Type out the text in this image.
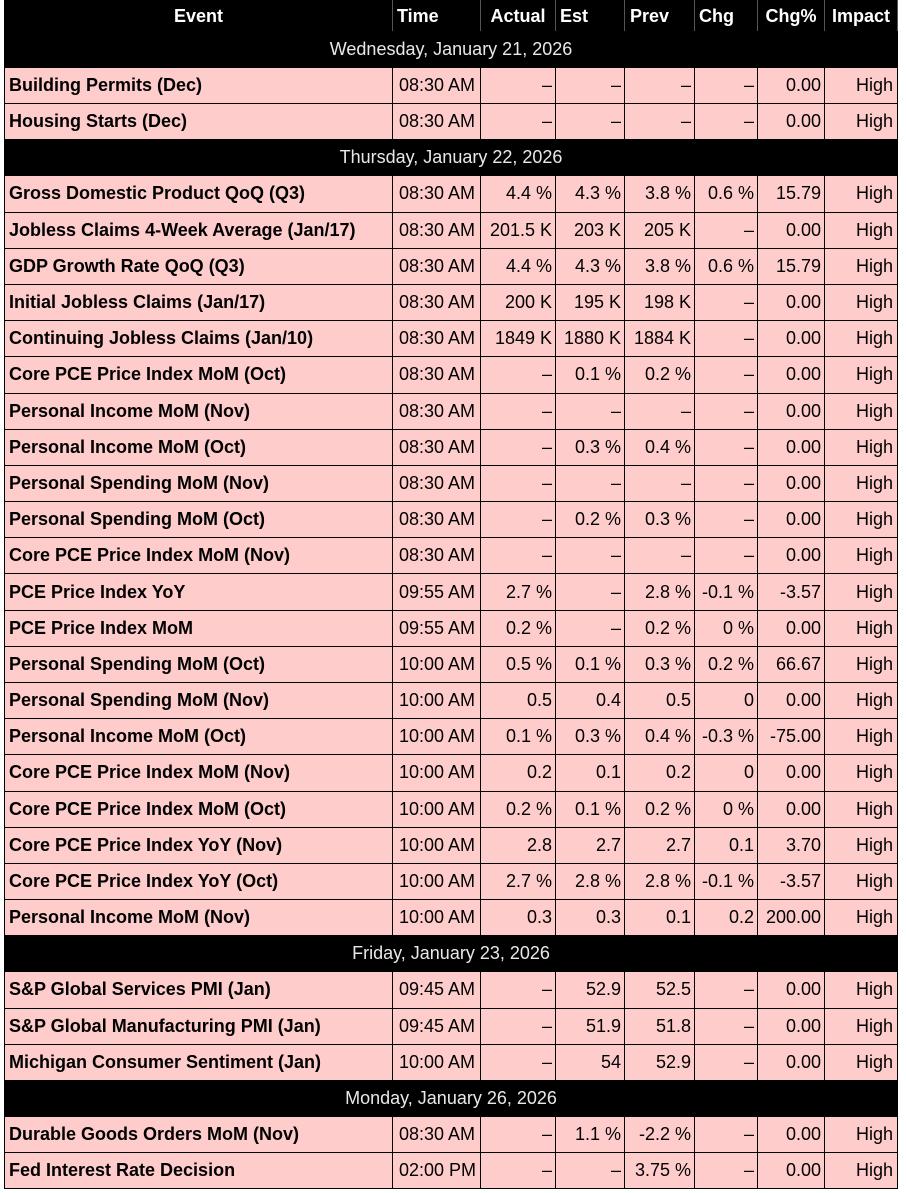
Event	Time	Actual	Est	Prev	Chg	Chg%	Impact
Wednesday, January 21, 2026							
Building Permits (Dec)	08:30 AM	–	–	–	–	0.00	High
Housing Starts (Dec)	08:30 AM	–	–	–	–	0.00	High
Thursday, January 22, 2026							
Gross Domestic Product QoQ (Q3)	08:30 AM	4.4 %	4.3 %	3.8 %	0.6 %	15.79	High
Jobless Claims 4-Week Average (Jan/17)	08:30 AM	201.5 K	203 K	205 K	–	0.00	High
GDP Growth Rate QoQ (Q3)	08:30 AM	4.4 %	4.3 %	3.8 %	0.6 %	15.79	High
Initial Jobless Claims (Jan/17)	08:30 AM	200 K	195 K	198 K	–	0.00	High
Continuing Jobless Claims (Jan/10)	08:30 AM	1849 K	1880 K	1884 K	–	0.00	High
Core PCE Price Index MoM (Oct)	08:30 AM	–	0.1 %	0.2 %	–	0.00	High
Personal Income MoM (Nov)	08:30 AM	–	–	–	–	0.00	High
Personal Income MoM (Oct)	08:30 AM	–	0.3 %	0.4 %	–	0.00	High
Personal Spending MoM (Nov)	08:30 AM	–	–	–	–	0.00	High
Personal Spending MoM (Oct)	08:30 AM	–	0.2 %	0.3 %	–	0.00	High
Core PCE Price Index MoM (Nov)	08:30 AM	–	–	–	–	0.00	High
PCE Price Index YoY	09:55 AM	2.7 %	–	2.8 %	-0.1 %	-3.57	High
PCE Price Index MoM	09:55 AM	0.2 %	–	0.2 %	0 %	0.00	High
Personal Spending MoM (Oct)	10:00 AM	0.5 %	0.1 %	0.3 %	0.2 %	66.67	High
Personal Spending MoM (Nov)	10:00 AM	0.5	0.4	0.5	0	0.00	High
Personal Income MoM (Oct)	10:00 AM	0.1 %	0.3 %	0.4 %	-0.3 %	-75.00	High
Core PCE Price Index MoM (Nov)	10:00 AM	0.2	0.1	0.2	0	0.00	High
Core PCE Price Index MoM (Oct)	10:00 AM	0.2 %	0.1 %	0.2 %	0 %	0.00	High
Core PCE Price Index YoY (Nov)	10:00 AM	2.8	2.7	2.7	0.1	3.70	High
Core PCE Price Index YoY (Oct)	10:00 AM	2.7 %	2.8 %	2.8 %	-0.1 %	-3.57	High
Personal Income MoM (Nov)	10:00 AM	0.3	0.3	0.1	0.2	200.00	High
Friday, January 23, 2026							
S&P Global Services PMI (Jan)	09:45 AM	–	52.9	52.5	–	0.00	High
S&P Global Manufacturing PMI (Jan)	09:45 AM	–	51.9	51.8	–	0.00	High
Michigan Consumer Sentiment (Jan)	10:00 AM	–	54	52.9	–	0.00	High
Monday, January 26, 2026							
Durable Goods Orders MoM (Nov)	08:30 AM	–	1.1 %	-2.2 %	–	0.00	High
Fed Interest Rate Decision	02:00 PM	–	–	3.75 %	–	0.00	High
